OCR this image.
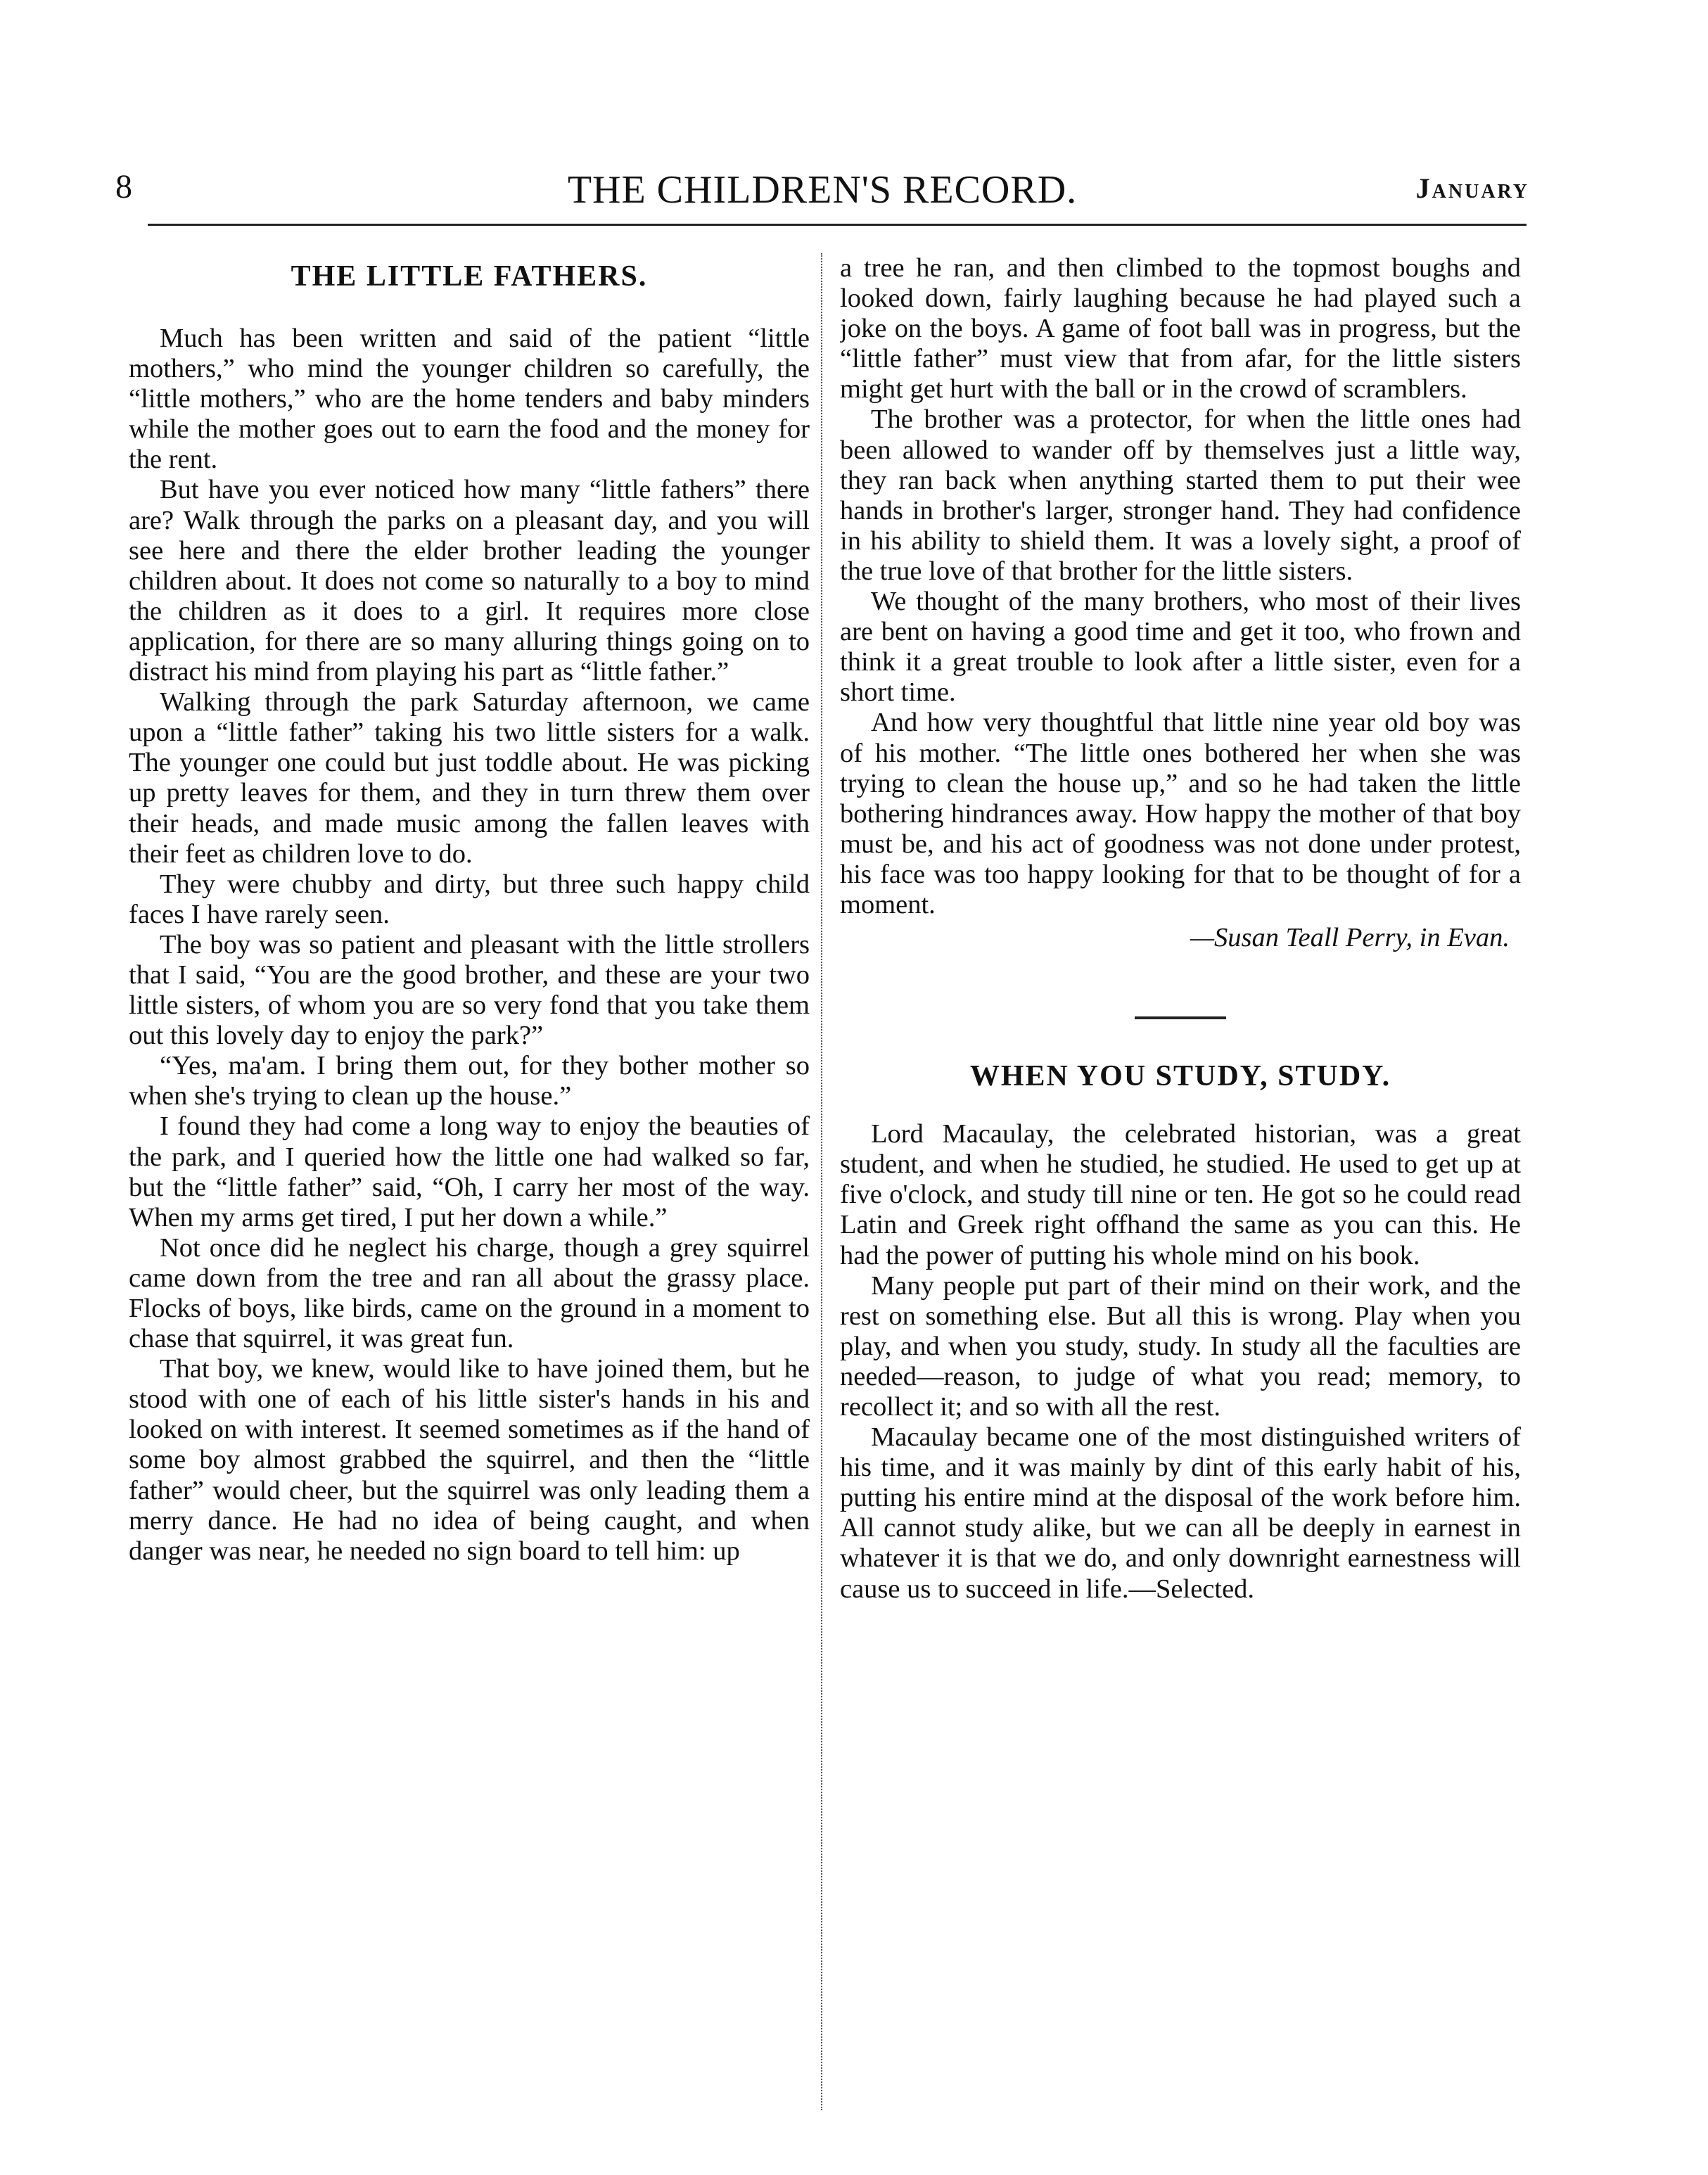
8	THE CHILDREN'S RECORD.	January
THE LITTLE FATHERS.

Much has been written and said of the patient “little mothers,” who mind the younger children so carefully, the “little mothers,” who are the home tenders and baby minders while the mother goes out to earn the food and the money for the rent.

But have you ever noticed how many “little fathers” there are? Walk through the parks on a pleasant day, and you will see here and there the elder brother leading the younger children about. It does not come so naturally to a boy to mind the children as it does to a girl. It requires more close application, for there are so many alluring things going on to distract his mind from playing his part as “little father.”

Walking through the park Saturday afternoon, we came upon a “little father” taking his two little sisters for a walk. The younger one could but just toddle about. He was picking up pretty leaves for them, and they in turn threw them over their heads, and made music among the fallen leaves with their feet as children love to do.

They were chubby and dirty, but three such happy child faces I have rarely seen.

The boy was so patient and pleasant with the little strollers that I said, “You are the good brother, and these are your two little sisters, of whom you are so very fond that you take them out this lovely day to enjoy the park?”

“Yes, ma'am. I bring them out, for they bother mother so when she's trying to clean up the house.”

I found they had come a long way to enjoy the beauties of the park, and I queried how the little one had walked so far, but the “little father” said, “Oh, I carry her most of the way. When my arms get tired, I put her down a while.”

Not once did he neglect his charge, though a grey squirrel came down from the tree and ran all about the grassy place. Flocks of boys, like birds, came on the ground in a moment to chase that squirrel, it was great fun.

That boy, we knew, would like to have joined them, but he stood with one of each of his little sister's hands in his and looked on with interest. It seemed sometimes as if the hand of some boy almost grabbed the squirrel, and then the “little father” would cheer, but the squirrel was only leading them a merry dance. He had no idea of being caught, and when danger was near, he needed no sign board to tell him: up

a tree he ran, and then climbed to the topmost boughs and looked down, fairly laughing because he had played such a joke on the boys. A game of foot ball was in progress, but the “little father” must view that from afar, for the little sisters might get hurt with the ball or in the crowd of scramblers.

The brother was a protector, for when the little ones had been allowed to wander off by themselves just a little way, they ran back when anything started them to put their wee hands in brother's larger, stronger hand. They had confidence in his ability to shield them. It was a lovely sight, a proof of the true love of that brother for the little sisters.

We thought of the many brothers, who most of their lives are bent on having a good time and get it too, who frown and think it a great trouble to look after a little sister, even for a short time.

And how very thoughtful that little nine year old boy was of his mother. “The little ones bothered her when she was trying to clean the house up,” and so he had taken the little bothering hindrances away. How happy the mother of that boy must be, and his act of goodness was not done under protest, his face was too happy looking for that to be thought of for a moment.

—Susan Teall Perry, in Evan.
WHEN YOU STUDY, STUDY.

Lord Macaulay, the celebrated historian, was a great student, and when he studied, he studied. He used to get up at five o'clock, and study till nine or ten. He got so he could read Latin and Greek right offhand the same as you can this. He had the power of putting his whole mind on his book.

Many people put part of their mind on their work, and the rest on something else. But all this is wrong. Play when you play, and when you study, study. In study all the faculties are needed—reason, to judge of what you read; memory, to recollect it; and so with all the rest.

Macaulay became one of the most distinguished writers of his time, and it was mainly by dint of this early habit of his, putting his entire mind at the disposal of the work before him. All cannot study alike, but we can all be deeply in earnest in whatever it is that we do, and only downright earnestness will cause us to succeed in life.—Selected.
